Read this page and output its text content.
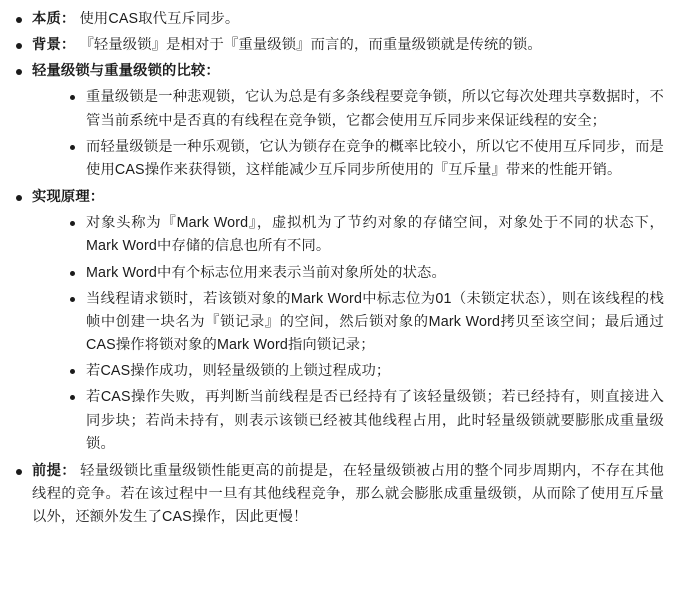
本质： 使用CAS取代互斥同步。
背景： 『轻量级锁』是相对于『重量级锁』而言的，而重量级锁就是传统的锁。
轻量级锁与重量级锁的比较：
重量级锁是一种悲观锁，它认为总是有多条线程要竞争锁，所以它每次处理共享数据时，不管当前系统中是否真的有线程在竞争锁，它都会使用互斥同步来保证线程的安全；
而轻量级锁是一种乐观锁，它认为锁存在竞争的概率比较小，所以它不使用互斥同步，而是使用CAS操作来获得锁，这样能减少互斥同步所使用的『互斥量』带来的性能开销。
实现原理：
对象头称为『Mark Word』，虚拟机为了节约对象的存储空间，对象处于不同的状态下，Mark Word中存储的信息也所有不同。
Mark Word中有个标志位用来表示当前对象所处的状态。
当线程请求锁时，若该锁对象的Mark Word中标志位为01（未锁定状态），则在该线程的栈帧中创建一块名为『锁记录』的空间，然后锁对象的Mark Word拷贝至该空间；最后通过CAS操作将锁对象的Mark Word指向锁记录；
若CAS操作成功，则轻量级锁的上锁过程成功；
若CAS操作失败，再判断当前线程是否已经持有了该轻量级锁；若已经持有，则直接进入同步块；若尚未持有，则表示该锁已经被其他线程占用，此时轻量级锁就要膨胀成重量级锁。
前提： 轻量级锁比重量级锁性能更高的前提是，在轻量级锁被占用的整个同步周期内，不存在其他线程的竞争。若在该过程中一旦有其他线程竞争，那么就会膨胀成重量级锁，从而除了使用互斥量以外，还额外发生了CAS操作，因此更慢！
